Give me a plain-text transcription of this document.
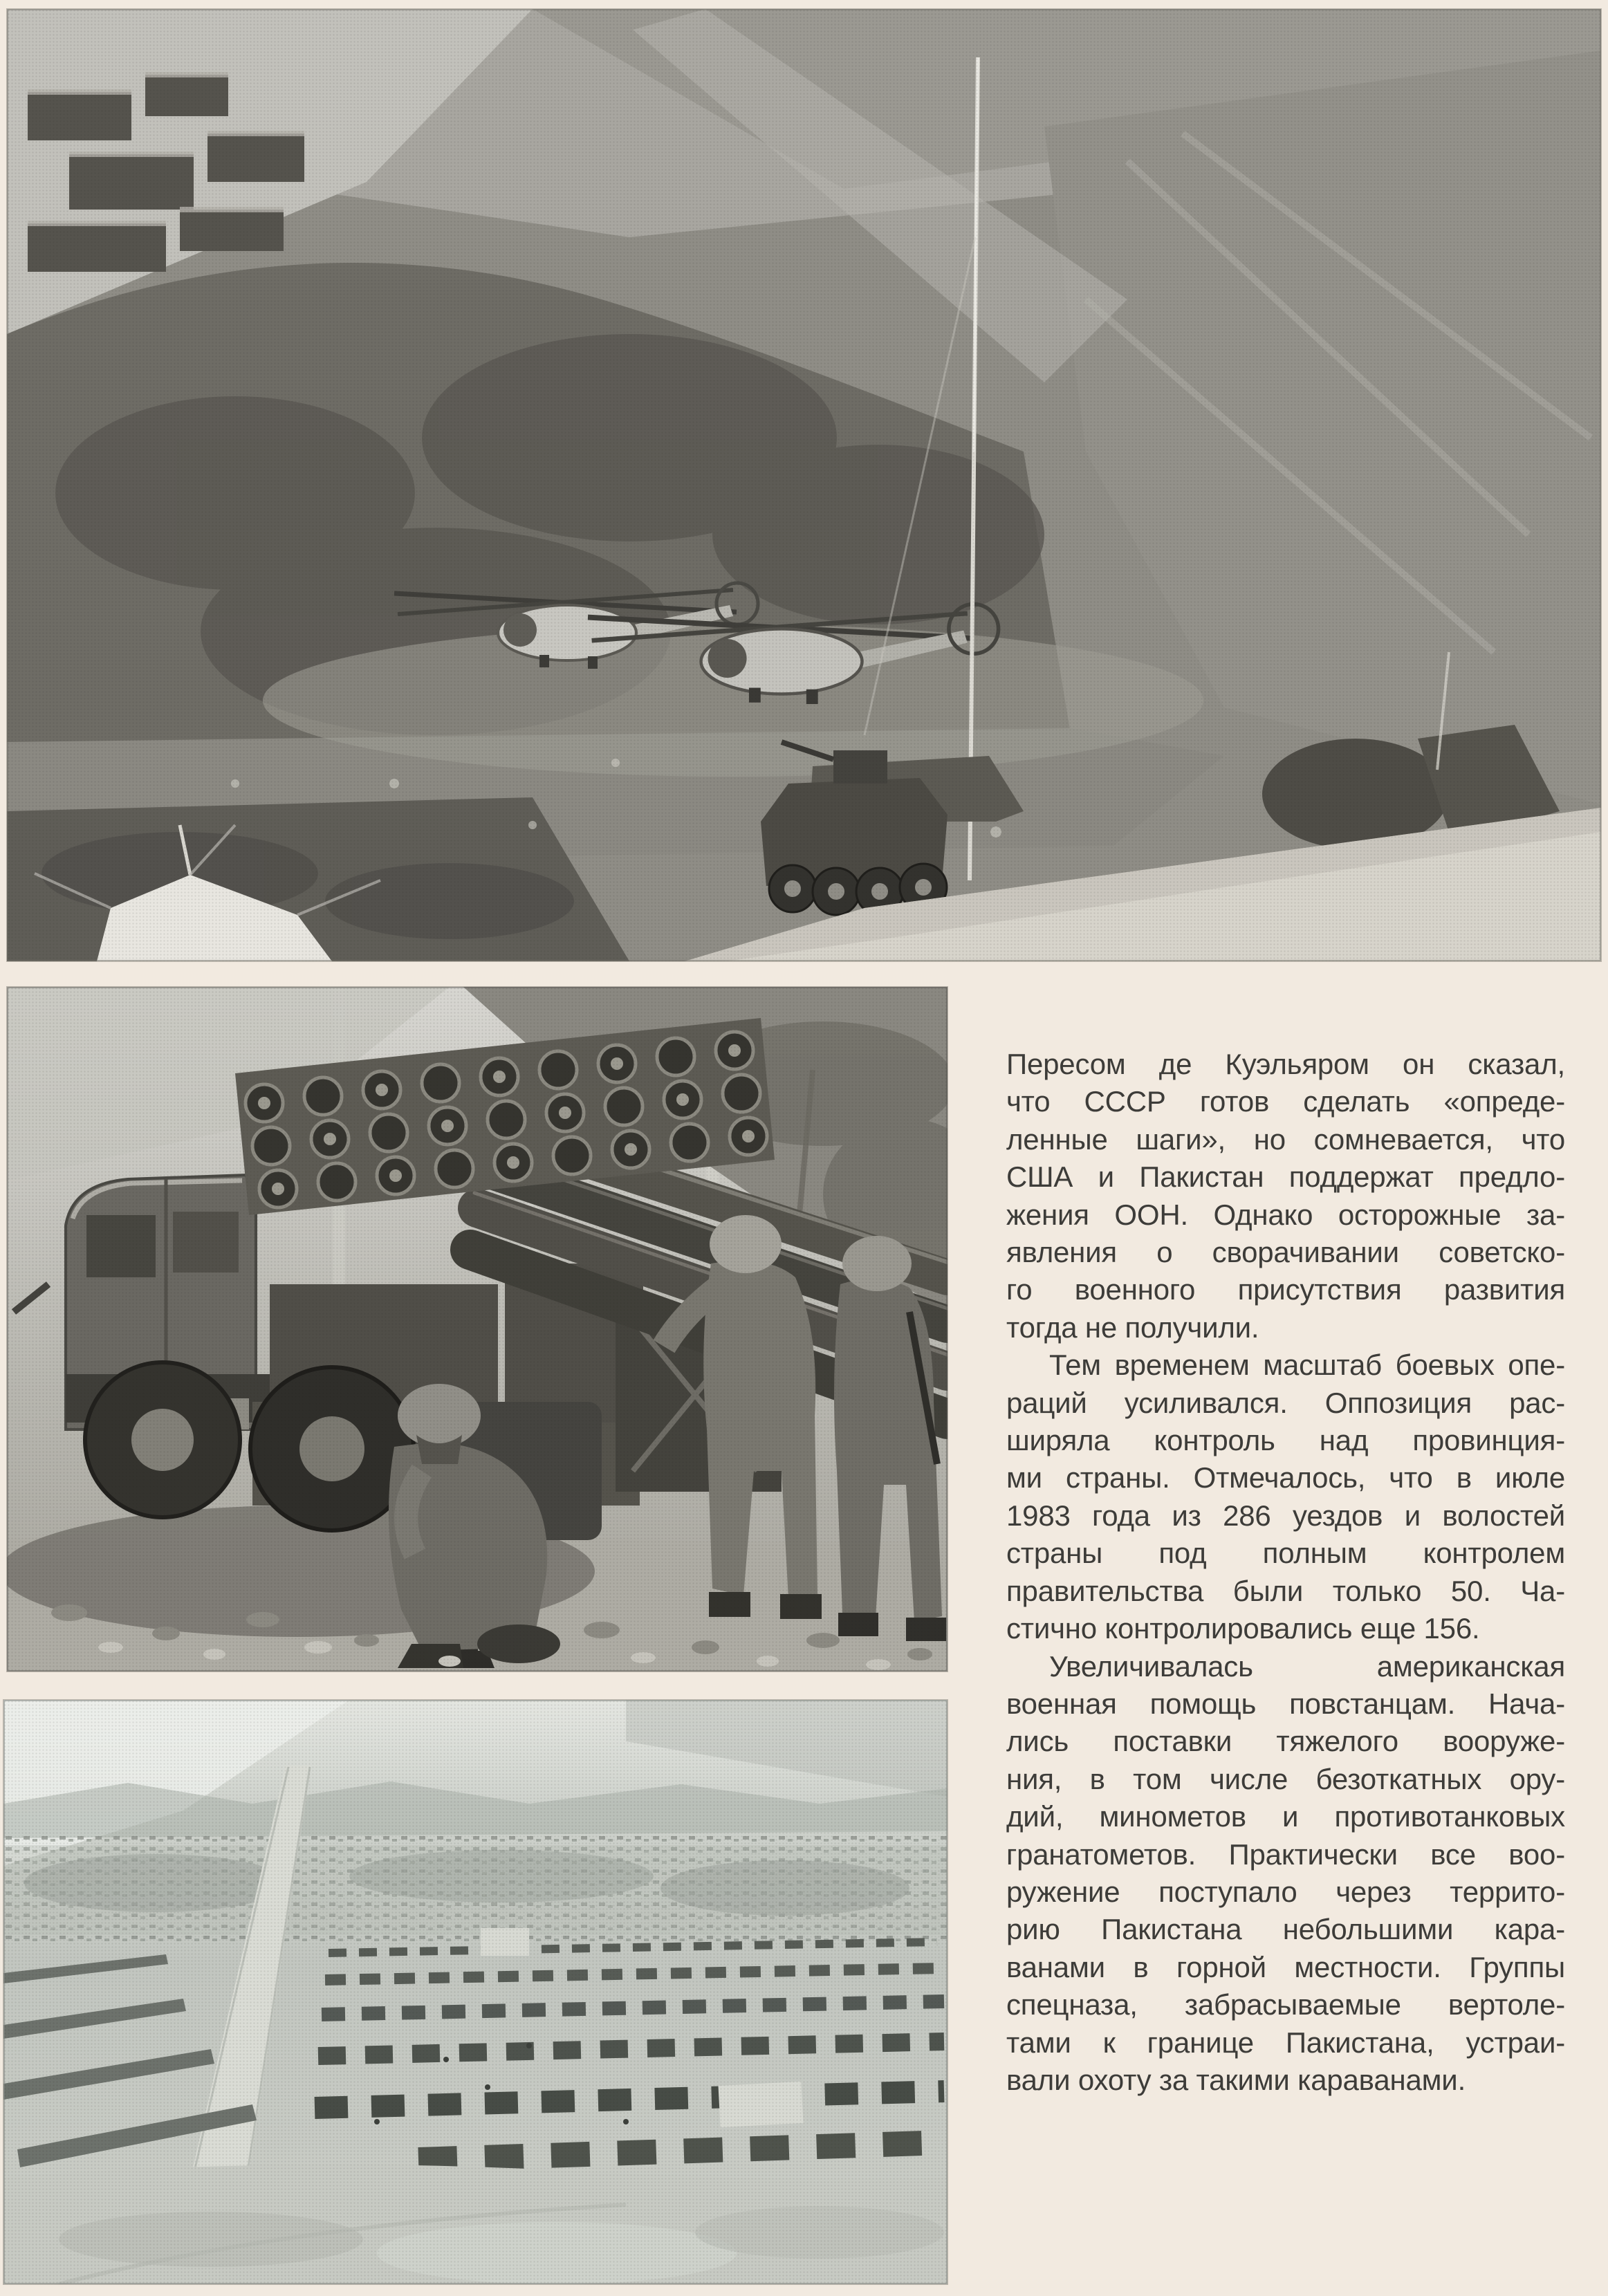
Пересом де Куэльяром он сказал,
что СССР готов сделать «опреде-
ленные шаги», но сомневается, что
США и Пакистан поддержат предло-
жения ООН. Однако осторожные за-
явления о сворачивании советско-
го военного присутствия развития
тогда не получили.
Тем временем масштаб боевых опе-
раций усиливался. Оппозиция рас-
ширяла контроль над провинция-
ми страны. Отмечалось, что в июле
1983 года из 286 уездов и волостей
страны под полным контролем
правительства были только 50. Ча-
стично контролировались еще 156.
Увеличивалась американская
военная помощь повстанцам. Нача-
лись поставки тяжелого вооруже-
ния, в том числе безоткатных ору-
дий, минометов и противотанковых
гранатометов. Практически все воо-
ружение поступало через террито-
рию Пакистана небольшими кара-
ванами в горной местности. Группы
спецназа, забрасываемые вертоле-
тами к границе Пакистана, устраи-
вали охоту за такими караванами.
